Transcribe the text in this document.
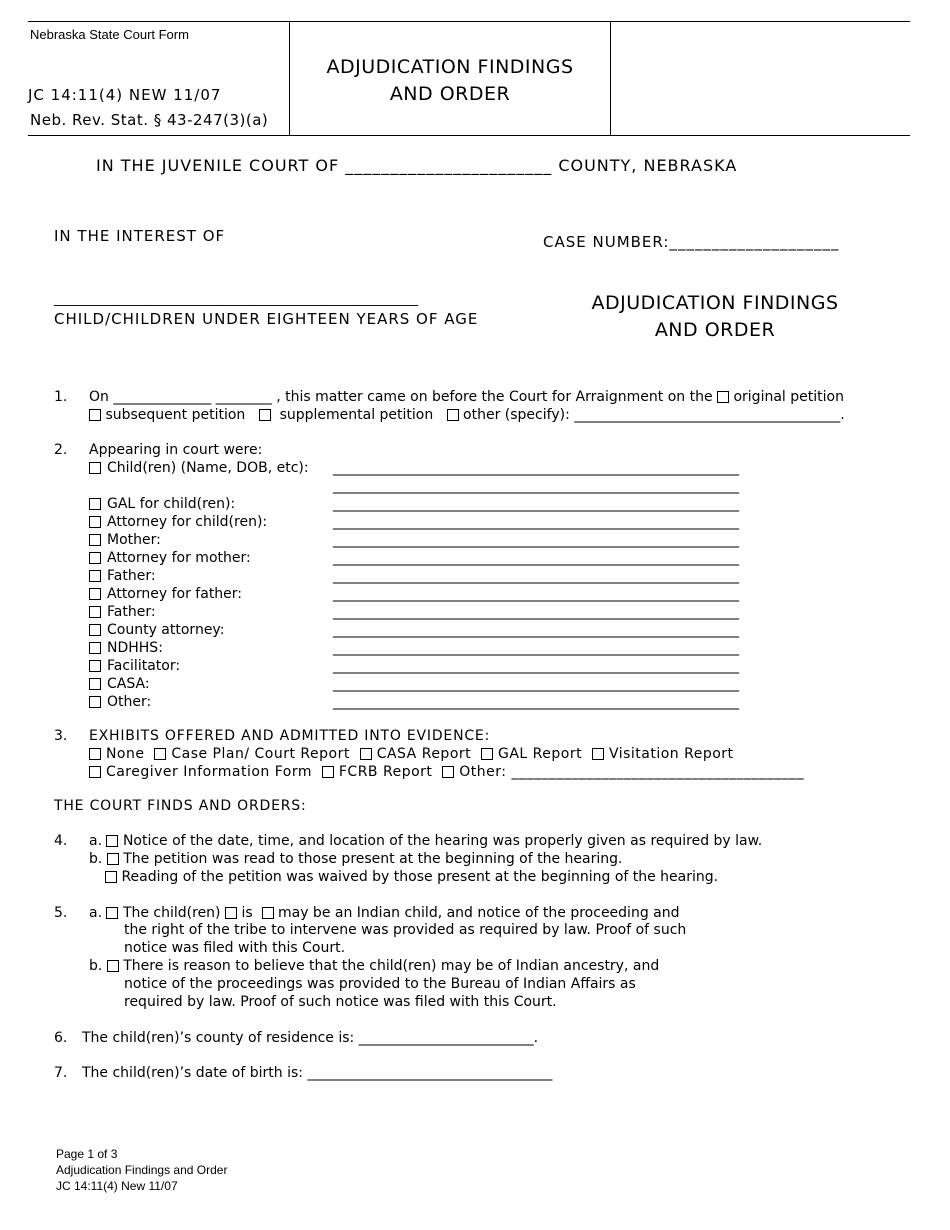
Nebraska State Court Form
JC 14:11(4) NEW 11/07
Neb. Rev. Stat. § 43-247(3)(a)
ADJUDICATION FINDINGS
AND ORDER
IN THE JUVENILE COURT OF _______________________ COUNTY, NEBRASKA
IN THE INTEREST OF	CASE NUMBER:____________________
________________________________________________________
CHILD/CHILDREN UNDER EIGHTEEN YEARS OF AGE
ADJUDICATION FINDINGS
AND ORDER
1. On ______________ ________ , this matter came on before the Court for Arraignment on the original petition
subsequent petition supplemental petition other (specify): ______________________________________.
2. Appearing in court were:
Child(ren) (Name, DOB, etc):
GAL for child(ren):
Attorney for child(ren):
Mother:
Attorney for mother:
Father:
Attorney for father:
Father:
County attorney:
NDHHS:
Facilitator:
CASA:
Other:
__________________________________________________________
__________________________________________________________
__________________________________________________________
__________________________________________________________
__________________________________________________________
__________________________________________________________
__________________________________________________________
__________________________________________________________
__________________________________________________________
__________________________________________________________
__________________________________________________________
__________________________________________________________
__________________________________________________________
__________________________________________________________
3. EXHIBITS OFFERED AND ADMITTED INTO EVIDENCE:
None Case Plan/ Court Report CASA Report GAL Report Visitation Report
Caregiver Information Form FCRB Report Other: _______________________________________
THE COURT FINDS AND ORDERS:
4. a. Notice of the date, time, and location of the hearing was properly given as required by law.
b. The petition was read to those present at the beginning of the hearing.
Reading of the petition was waived by those present at the beginning of the hearing.
5. a. The child(ren) is may be an Indian child, and notice of the proceeding and
the right of the tribe to intervene was provided as required by law. Proof of such
notice was filed with this Court.
b. There is reason to believe that the child(ren) may be of Indian ancestry, and
notice of the proceedings was provided to the Bureau of Indian Affairs as
required by law. Proof of such notice was filed with this Court.
6. The child(ren)’s county of residence is: _________________________.
7. The child(ren)’s date of birth is: ___________________________________
Page 1 of 3
Adjudication Findings and Order
JC 14:11(4) New 11/07
